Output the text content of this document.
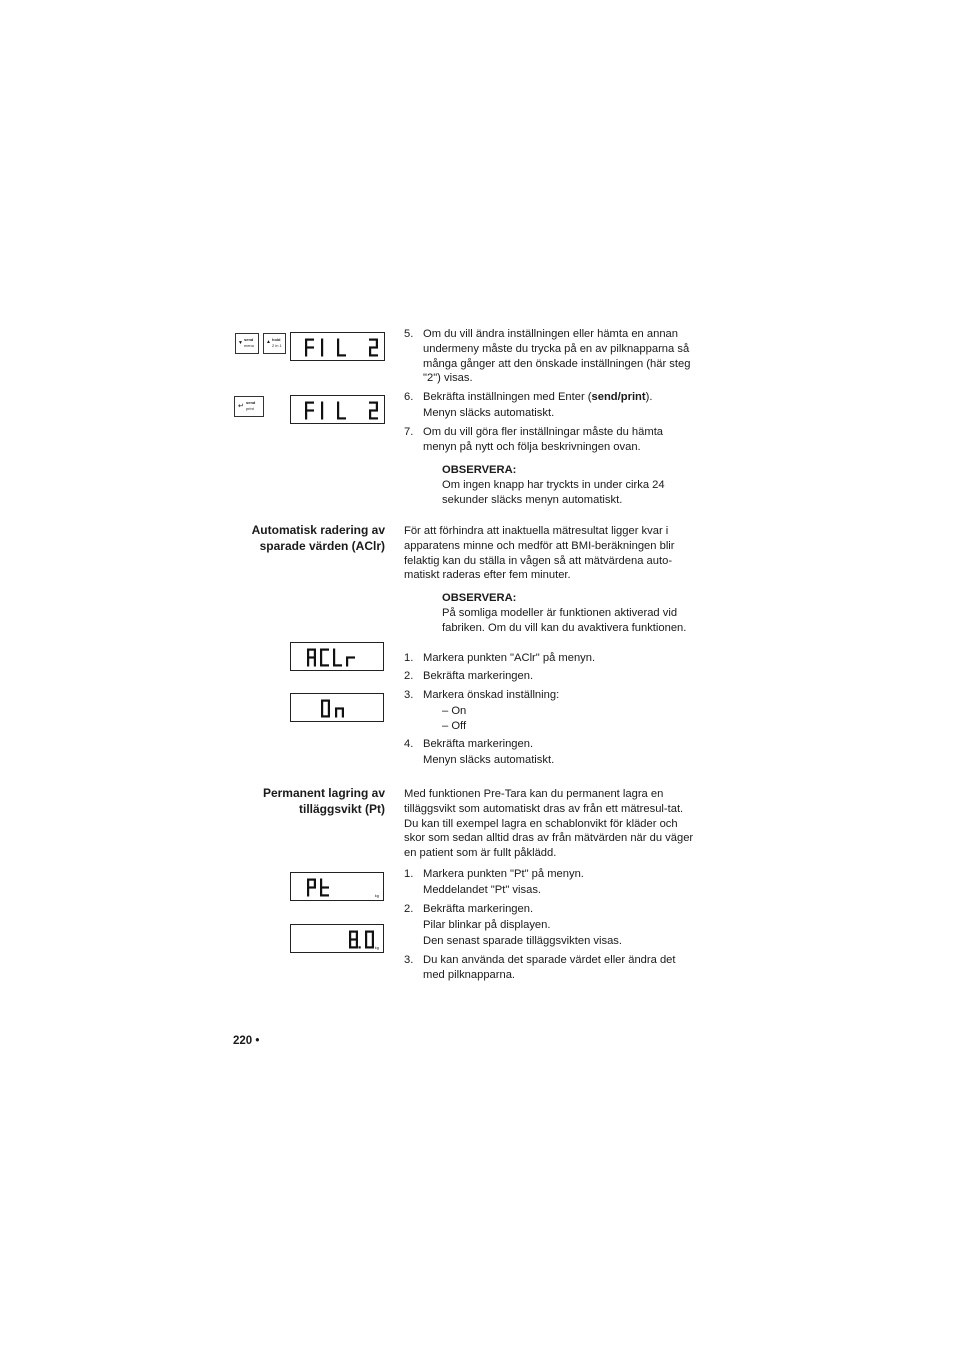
▼
send
menu
▲ hold
2 in 1
↵
send
print
5. Om du vill ändra inställningen eller hämta en annan undermeny måste du trycka på en av pilknapparna så många gånger att den önskade inställningen (här steg "2") visas.
6. Bekräfta inställningen med Enter (send/print).

Menyn släcks automatiskt.
7. Om du vill göra fler inställningar måste du hämta menyn på nytt och följa beskrivningen ovan.
OBSERVERA:
Om ingen knapp har tryckts in under cirka 24 sekunder släcks menyn automatiskt.
Automatisk radering av
sparade värden (AClr)
För att förhindra att inaktuella mätresultat ligger kvar i apparatens minne och medför att BMI-beräkningen blir felaktig kan du ställa in vågen så att mätvärdena auto-matiskt raderas efter fem minuter.
OBSERVERA:
På somliga modeller är funktionen aktiverad vid fabriken. Om du vill kan du avaktivera funktionen.
1. Markera punkten "AClr" på menyn.
2. Bekräfta markeringen.
3. Markera önskad inställning:
– On
– Off
4. Bekräfta markeringen.
Menyn släcks automatiskt.
Permanent lagring av
tilläggsvikt (Pt)
Med funktionen Pre-Tara kan du permanent lagra en tilläggsvikt som automatiskt dras av från ett mätresul-tat. Du kan till exempel lagra en schablonvikt för kläder och skor som sedan alltid dras av från mätvärden när du väger en patient som är fullt påklädd.
kg
kg
1. Markera punkten "Pt" på menyn.
Meddelandet "Pt" visas.
2. Bekräfta markeringen.
Pilar blinkar på displayen.
Den senast sparade tilläggsvikten visas.
3. Du kan använda det sparade värdet eller ändra det med pilknapparna.
220 •
